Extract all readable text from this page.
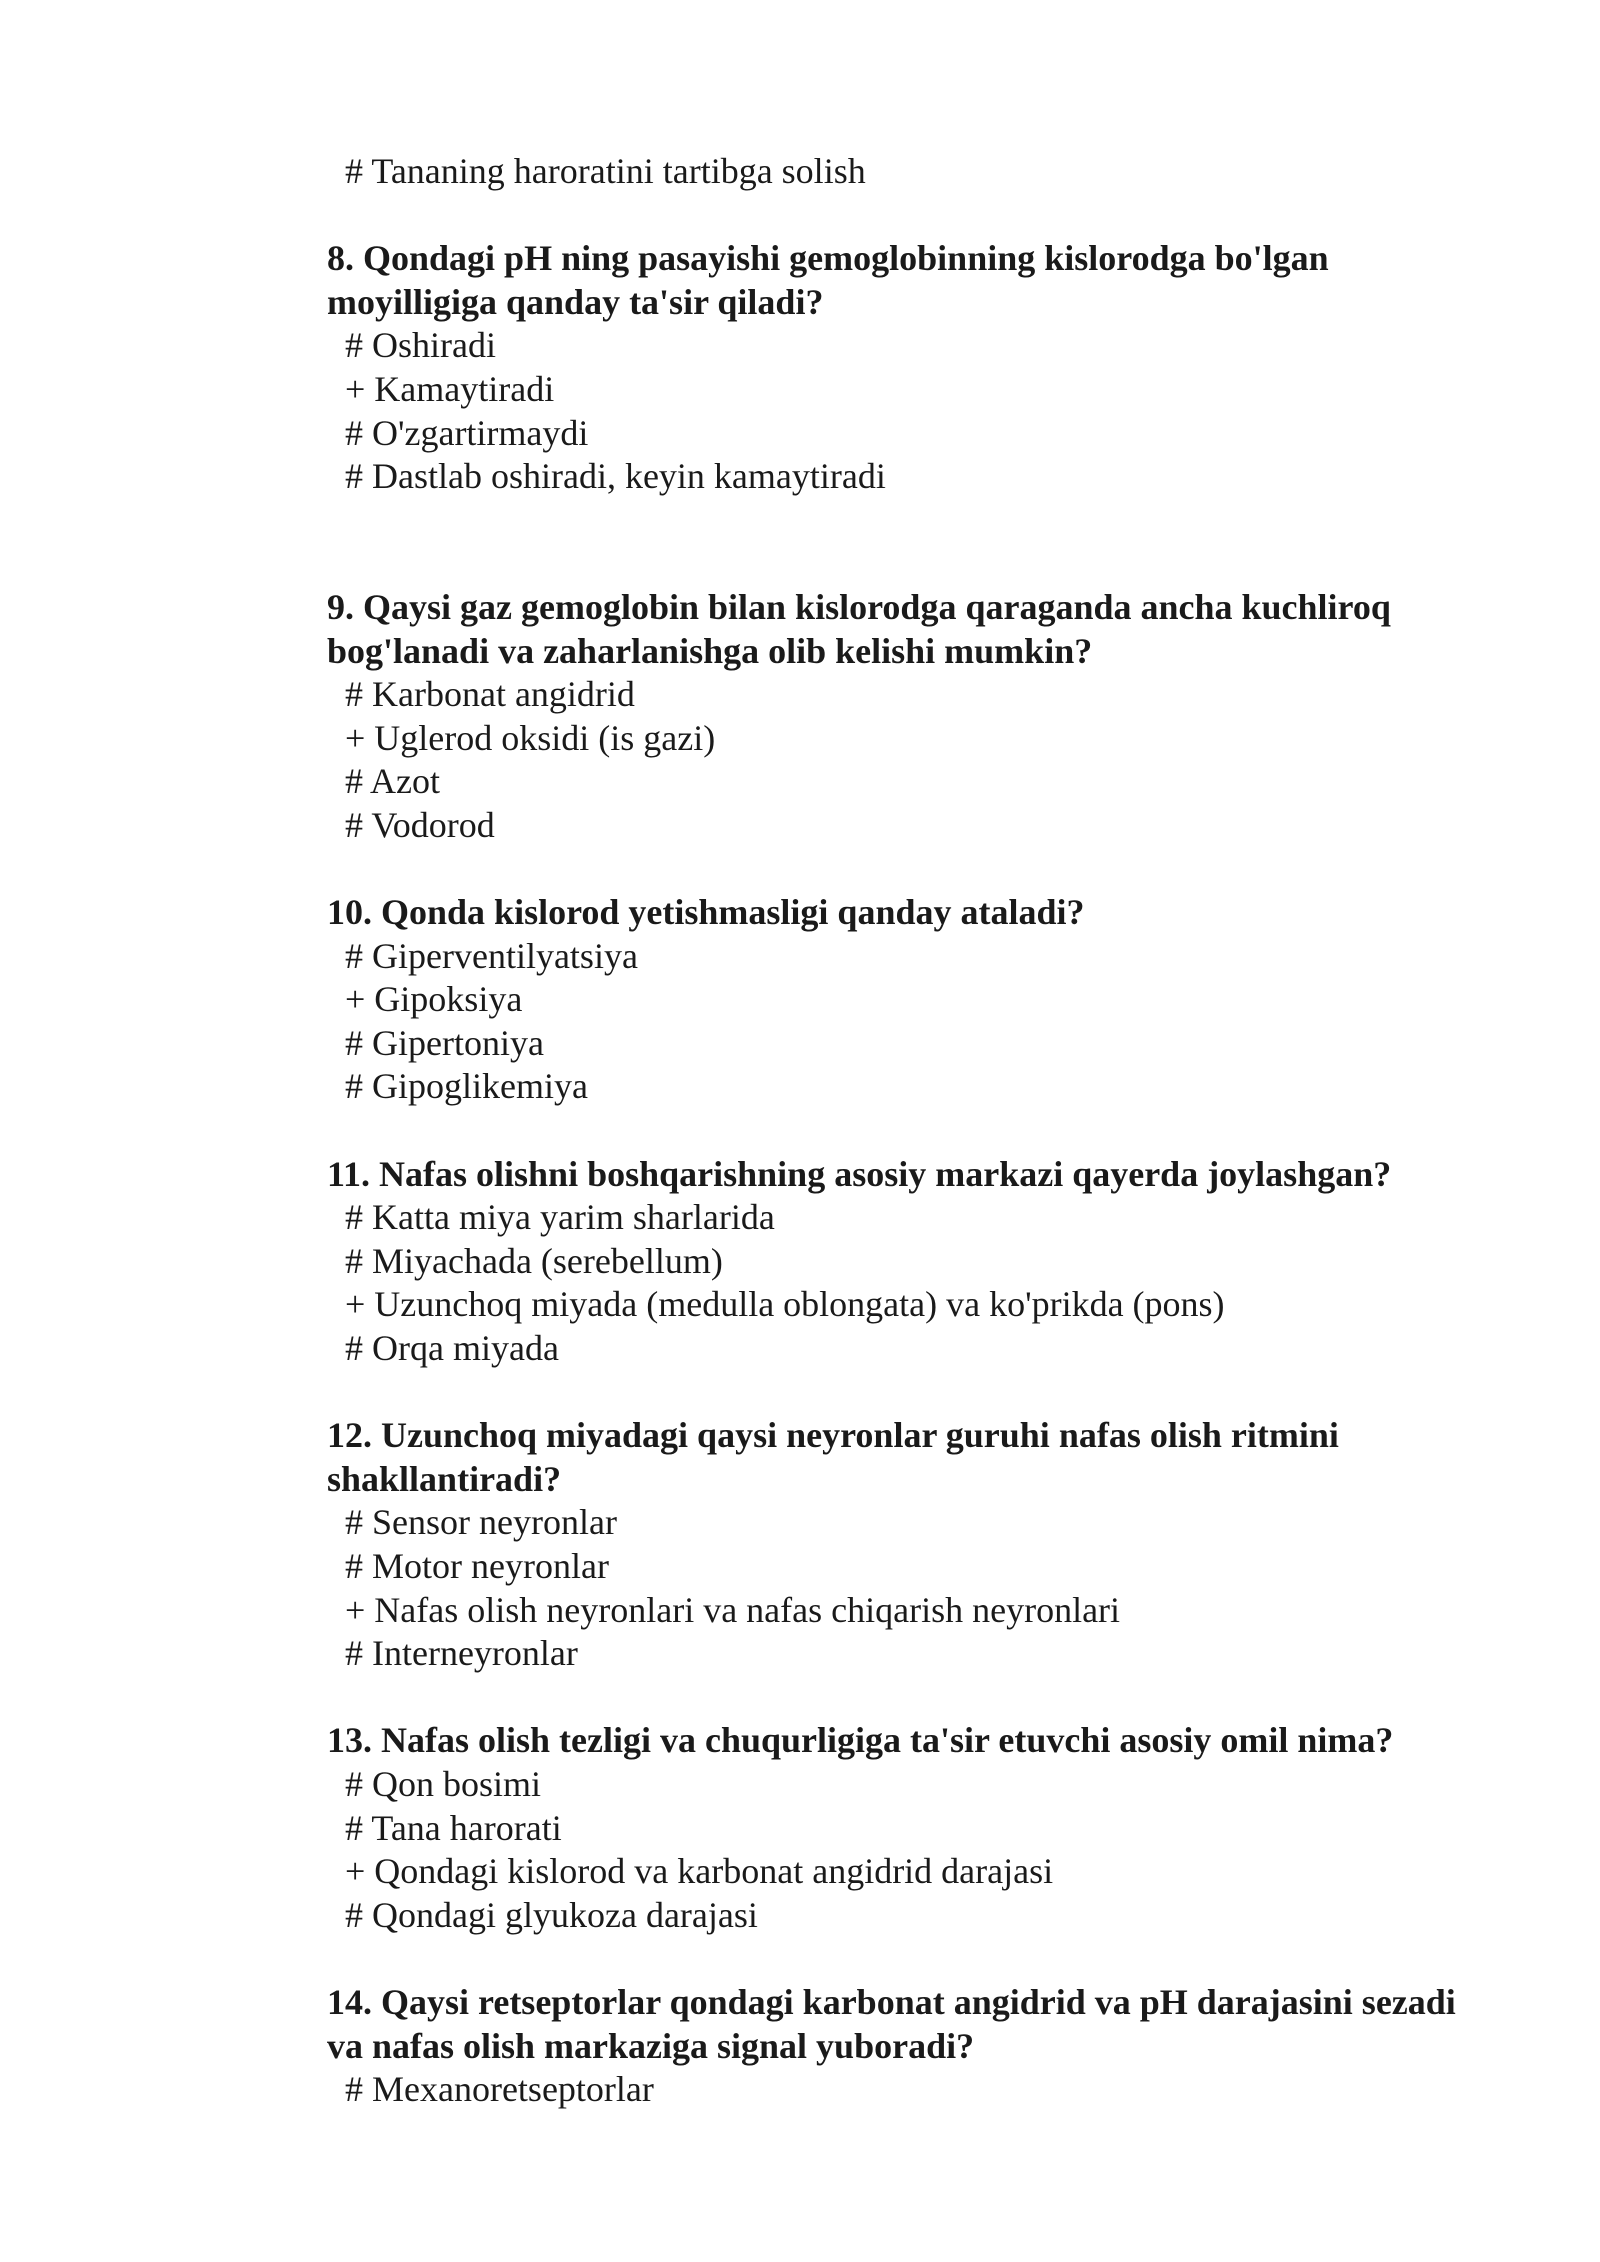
# Tananing haroratini tartibga solish
8. Qondagi pH ning pasayishi gemoglobinning kislorodga bo'lgan
moyilligiga qanday ta'sir qiladi?
# Oshiradi
+ Kamaytiradi
# O'zgartirmaydi
# Dastlab oshiradi, keyin kamaytiradi
9. Qaysi gaz gemoglobin bilan kislorodga qaraganda ancha kuchliroq
bog'lanadi va zaharlanishga olib kelishi mumkin?
# Karbonat angidrid
+ Uglerod oksidi (is gazi)
# Azot
# Vodorod
10. Qonda kislorod yetishmasligi qanday ataladi?
# Giperventilyatsiya
+ Gipoksiya
# Gipertoniya
# Gipoglikemiya
11. Nafas olishni boshqarishning asosiy markazi qayerda joylashgan?
# Katta miya yarim sharlarida
# Miyachada (serebellum)
+ Uzunchoq miyada (medulla oblongata) va ko'prikda (pons)
# Orqa miyada
12. Uzunchoq miyadagi qaysi neyronlar guruhi nafas olish ritmini
shakllantiradi?
# Sensor neyronlar
# Motor neyronlar
+ Nafas olish neyronlari va nafas chiqarish neyronlari
# Interneyronlar
13. Nafas olish tezligi va chuqurligiga ta'sir etuvchi asosiy omil nima?
# Qon bosimi
# Tana harorati
+ Qondagi kislorod va karbonat angidrid darajasi
# Qondagi glyukoza darajasi
14. Qaysi retseptorlar qondagi karbonat angidrid va pH darajasini sezadi
va nafas olish markaziga signal yuboradi?
# Mexanoretseptorlar
